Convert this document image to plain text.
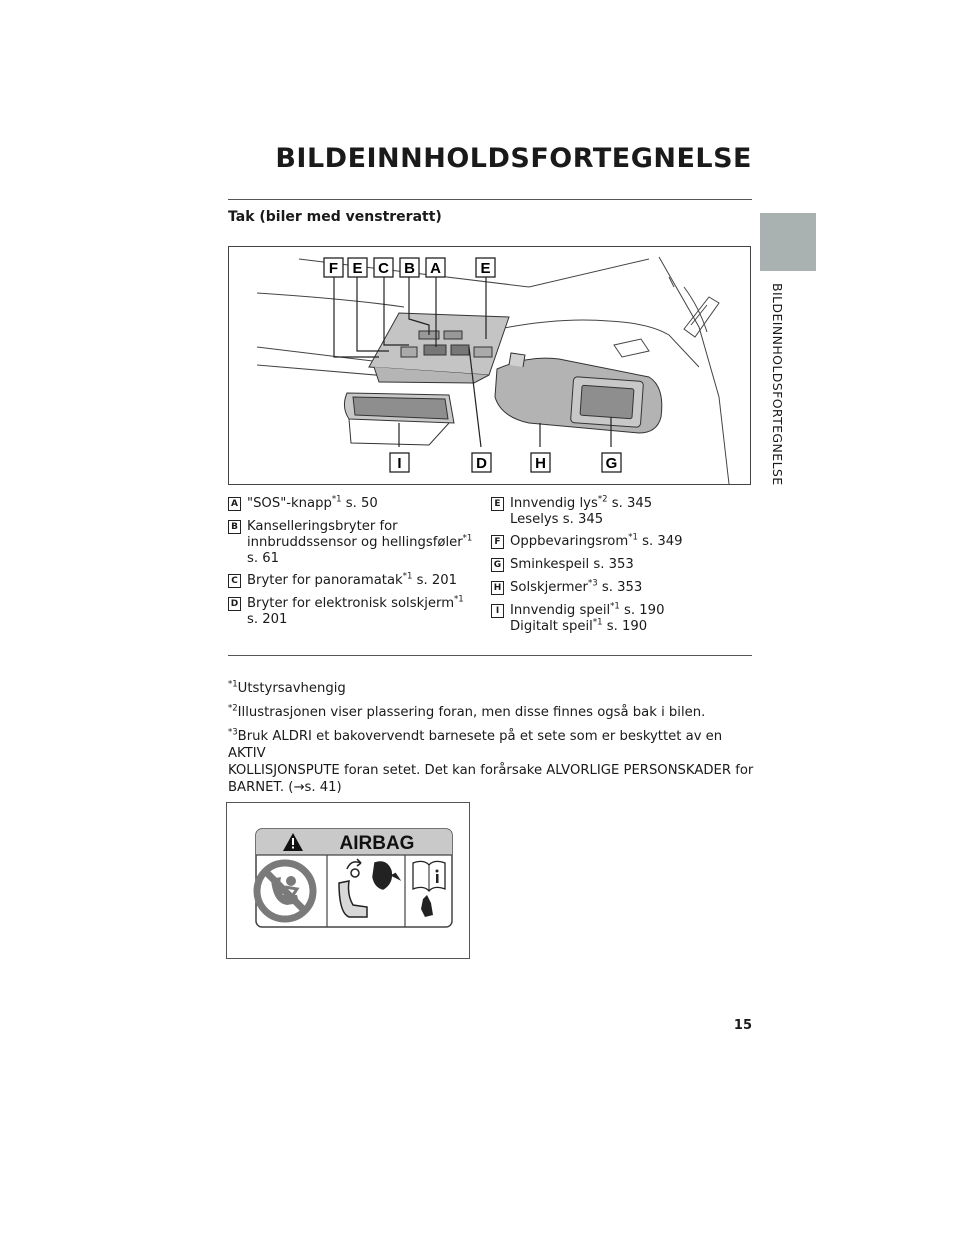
BILDEINNHOLDSFORTEGNELSE
BILDEINNHOLDSFORTEGNELSE
Tak (biler med venstreratt)
F E C B A	E
I	D	H	G
A "SOS"-knapp$^{*1}$ s. 50
B Kanselleringsbryter for
innbruddssensor og hellingsføler$^{*1}$
s. 61
C Bryter for panoramatak$^{*1}$ s. 201
D Bryter for elektronisk solskjerm$^{*1}$
s. 201
E Innvendig lys$^{*2}$ s. 345
Leselys s. 345
F Oppbevaringsrom$^{*1}$ s. 349
G Sminkespeil s. 353
H Solskjermer$^{*3}$ s. 353
I Innvendig speil$^{*1}$ s. 190
Digitalt speil$^{*1}$ s. 190
$^{*1}$Utstyrsavhengig
$^{*2}$Illustrasjonen viser plassering foran, men disse finnes også bak i bilen.
$^{*3}$Bruk ALDRI et bakovervendt barnesete på et sete som er beskyttet av en AKTIV
KOLLISJONSPUTE foran setet. Det kan forårsake ALVORLIGE PERSONSKADER for
BARNET. (→s. 41)
AIRBAG
15
